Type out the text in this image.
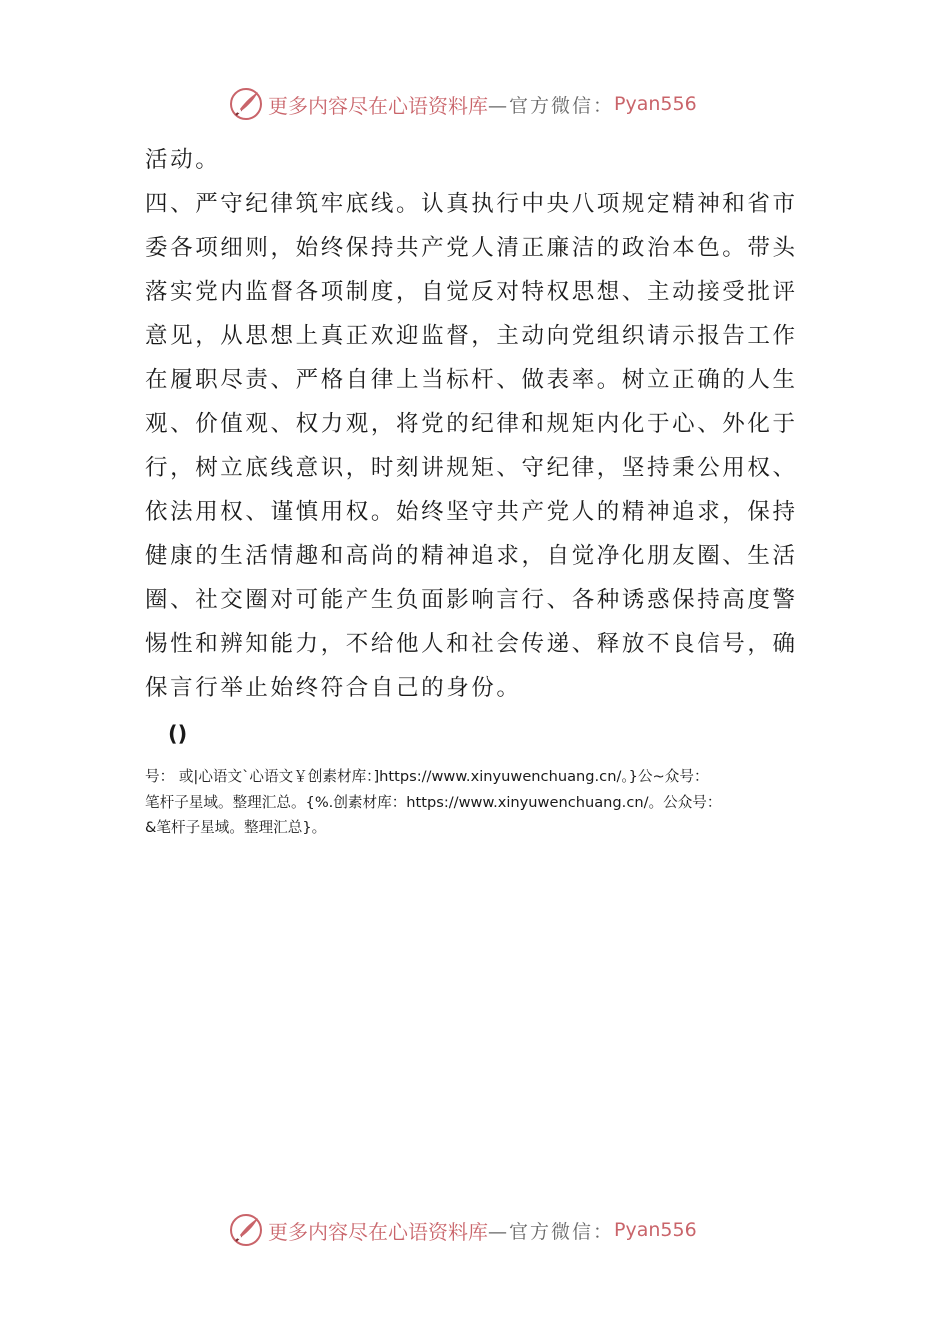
更多内容尽在心语资料库 —官方微信： Pyan556

活动。

四、严守纪律筑牢底线。认真执行中央八项规定精神和省市

委各项细则，始终保持共产党人清正廉洁的政治本色。带头

落实党内监督各项制度，自觉反对特权思想、主动接受批评

意见，从思想上真正欢迎监督，主动向党组织请示报告工作

在履职尽责、严格自律上当标杆、做表率。树立正确的人生

观、价值观、权力观，将党的纪律和规矩内化于心、外化于

行，树立底线意识，时刻讲规矩、守纪律，坚持秉公用权、

依法用权、谨慎用权。始终坚守共产党人的精神追求，保持

健康的生活情趣和高尚的精神追求，自觉净化朋友圈、生活

圈、社交圈对可能产生负面影响言行、各种诱惑保持高度警

惕性和辨知能力，不给他人和社会传递、释放不良信号，确

保言行举止始终符合自己的身份。

()

号： 或|心语文`心语文￥创素材库：]https://www.xinyuwenchuang.cn/。}公~众号：

笔杆子星域。整理汇总。{%.创素材库：https://www.xinyuwenchuang.cn/。公众号：

&笔杆子星域。整理汇总}。

更多内容尽在心语资料库 —官方微信： Pyan556
